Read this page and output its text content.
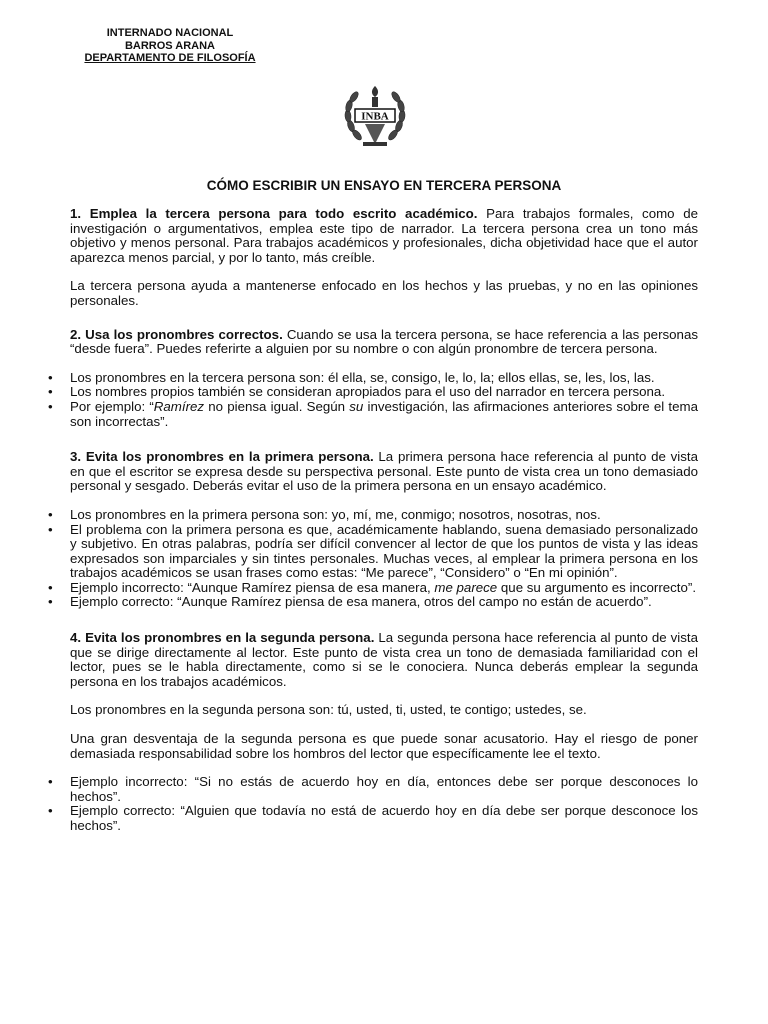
INTERNADO NACIONAL
BARROS ARANA
DEPARTAMENTO DE FILOSOFÍA
INBA
CÓMO ESCRIBIR UN ENSAYO EN TERCERA PERSONA

1. Emplea la tercera persona para todo escrito académico. Para trabajos formales, como de investigación o argumentativos, emplea este tipo de narrador. La tercera persona crea un tono más objetivo y menos personal. Para trabajos académicos y profesionales, dicha objetividad hace que el autor aparezca menos parcial, y por lo tanto, más creíble.

La tercera persona ayuda a mantenerse enfocado en los hechos y las pruebas, y no en las opiniones personales.

2. Usa los pronombres correctos. Cuando se usa la tercera persona, se hace referencia a las personas “desde fuera”. Puedes referirte a alguien por su nombre o con algún pronombre de tercera persona.

• Los pronombres en la tercera persona son: él ella, se, consigo, le, lo, la; ellos ellas, se, les, los, las.
• Los nombres propios también se consideran apropiados para el uso del narrador en tercera persona.
• Por ejemplo: “Ramírez no piensa igual. Según su investigación, las afirmaciones anteriores sobre el tema son incorrectas”.

3. Evita los pronombres en la primera persona. La primera persona hace referencia al punto de vista en que el escritor se expresa desde su perspectiva personal. Este punto de vista crea un tono demasiado personal y sesgado. Deberás evitar el uso de la primera persona en un ensayo académico.

• Los pronombres en la primera persona son: yo, mí, me, conmigo; nosotros, nosotras, nos.
• El problema con la primera persona es que, académicamente hablando, suena demasiado personalizado y subjetivo. En otras palabras, podría ser difícil convencer al lector de que los puntos de vista y las ideas expresados son imparciales y sin tintes personales. Muchas veces, al emplear la primera persona en los trabajos académicos se usan frases como estas: “Me parece”, “Considero” o “En mi opinión”.
• Ejemplo incorrecto: “Aunque Ramírez piensa de esa manera, me parece que su argumento es incorrecto”.
• Ejemplo correcto: “Aunque Ramírez piensa de esa manera, otros del campo no están de acuerdo”.

4. Evita los pronombres en la segunda persona. La segunda persona hace referencia al punto de vista que se dirige directamente al lector. Este punto de vista crea un tono de demasiada familiaridad con el lector, pues se le habla directamente, como si se le conociera. Nunca deberás emplear la segunda persona en los trabajos académicos.

Los pronombres en la segunda persona son: tú, usted, ti, usted, te contigo; ustedes, se.

Una gran desventaja de la segunda persona es que puede sonar acusatorio. Hay el riesgo de poner demasiada responsabilidad sobre los hombros del lector que específicamente lee el texto.

• Ejemplo incorrecto: “Si no estás de acuerdo hoy en día, entonces debe ser porque desconoces lo hechos”.
• Ejemplo correcto: “Alguien que todavía no está de acuerdo hoy en día debe ser porque desconoce los hechos”.
